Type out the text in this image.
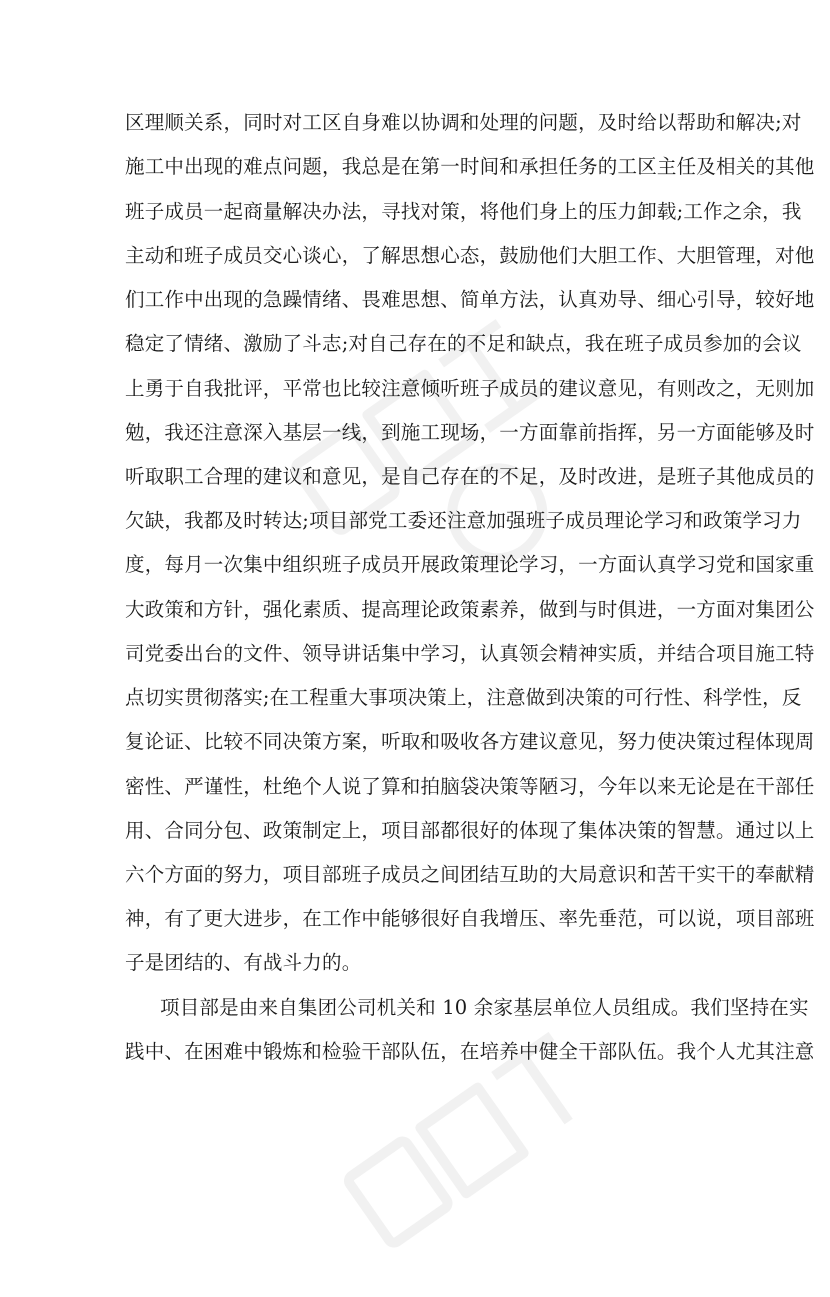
区理顺关系，同时对工区自身难以协调和处理的问题，及时给以帮助和解决;对
施工中出现的难点问题，我总是在第一时间和承担任务的工区主任及相关的其他
班子成员一起商量解决办法，寻找对策，将他们身上的压力卸载;工作之余，我
主动和班子成员交心谈心，了解思想心态，鼓励他们大胆工作、大胆管理，对他
们工作中出现的急躁情绪、畏难思想、简单方法，认真劝导、细心引导，较好地
稳定了情绪、激励了斗志;对自己存在的不足和缺点，我在班子成员参加的会议
上勇于自我批评，平常也比较注意倾听班子成员的建议意见，有则改之，无则加
勉，我还注意深入基层一线，到施工现场，一方面靠前指挥，另一方面能够及时
听取职工合理的建议和意见，是自己存在的不足，及时改进，是班子其他成员的
欠缺，我都及时转达;项目部党工委还注意加强班子成员理论学习和政策学习力
度，每月一次集中组织班子成员开展政策理论学习，一方面认真学习党和国家重
大政策和方针，强化素质、提高理论政策素养，做到与时俱进，一方面对集团公
司党委出台的文件、领导讲话集中学习，认真领会精神实质，并结合项目施工特
点切实贯彻落实;在工程重大事项决策上，注意做到决策的可行性、科学性，反
复论证、比较不同决策方案，听取和吸收各方建议意见，努力使决策过程体现周
密性、严谨性，杜绝个人说了算和拍脑袋决策等陋习，今年以来无论是在干部任
用、合同分包、政策制定上，项目部都很好的体现了集体决策的智慧。通过以上
六个方面的努力，项目部班子成员之间团结互助的大局意识和苦干实干的奉献精
神，有了更大进步，在工作中能够很好自我增压、率先垂范，可以说，项目部班
子是团结的、有战斗力的。
项目部是由来自集团公司机关和 10 余家基层单位人员组成。我们坚持在实
践中、在困难中锻炼和检验干部队伍，在培养中健全干部队伍。我个人尤其注意
